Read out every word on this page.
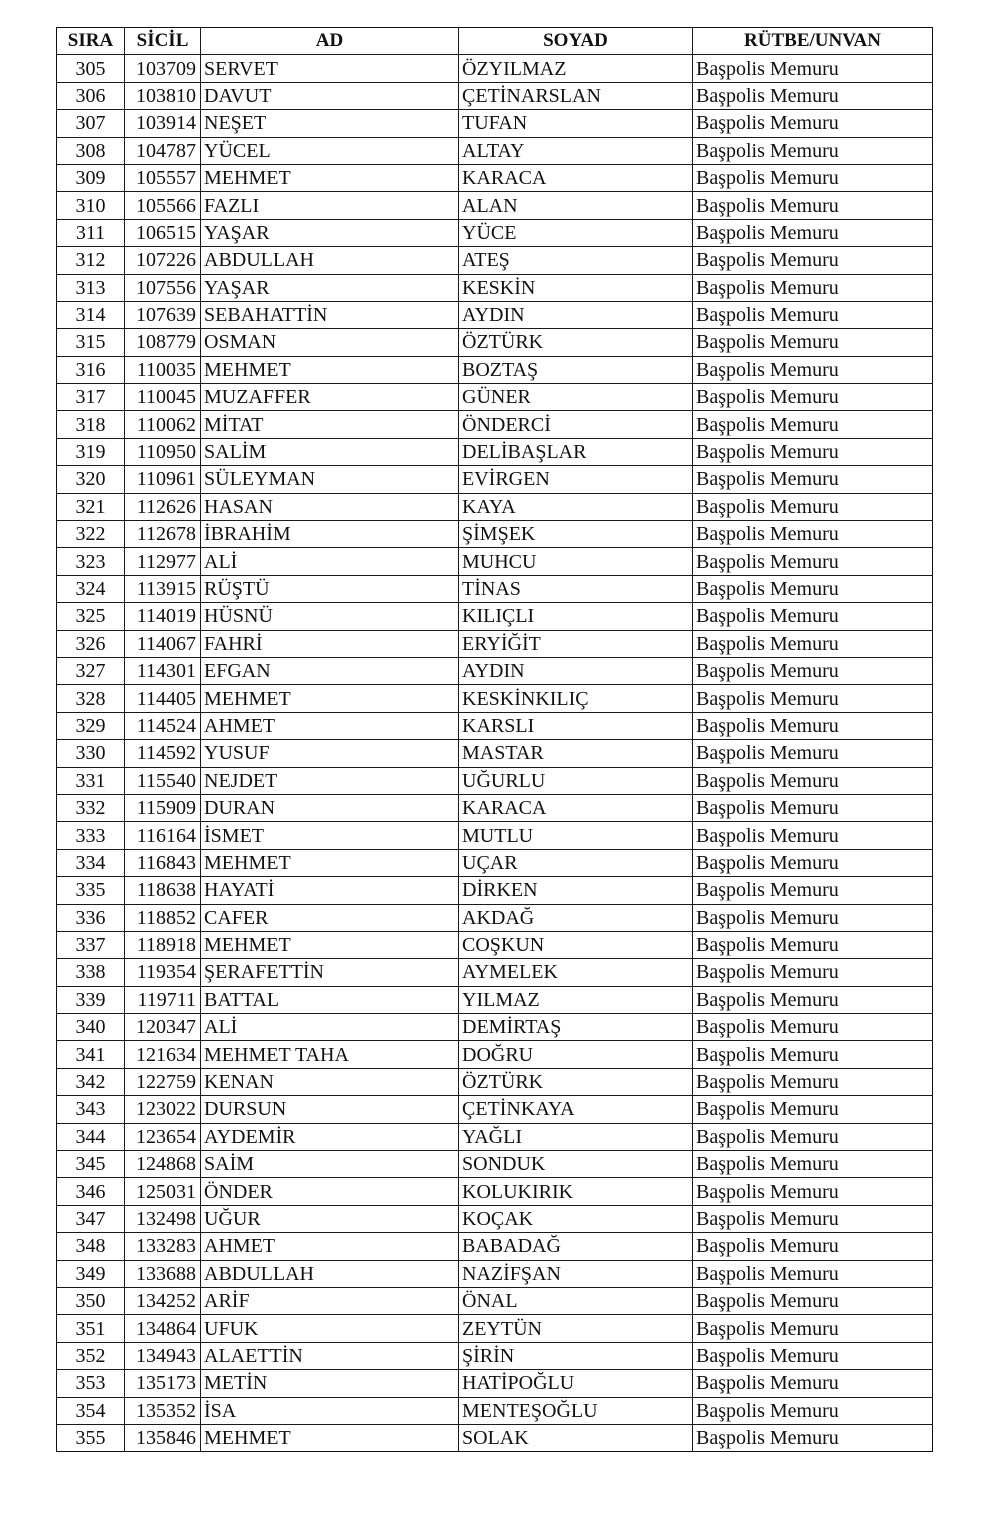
SIRA	SİCİL	AD	SOYAD	RÜTBE/UNVAN
305	103709	SERVET	ÖZYILMAZ	Başpolis Memuru
306	103810	DAVUT	ÇETİNARSLAN	Başpolis Memuru
307	103914	NEŞET	TUFAN	Başpolis Memuru
308	104787	YÜCEL	ALTAY	Başpolis Memuru
309	105557	MEHMET	KARACA	Başpolis Memuru
310	105566	FAZLI	ALAN	Başpolis Memuru
311	106515	YAŞAR	YÜCE	Başpolis Memuru
312	107226	ABDULLAH	ATEŞ	Başpolis Memuru
313	107556	YAŞAR	KESKİN	Başpolis Memuru
314	107639	SEBAHATTİN	AYDIN	Başpolis Memuru
315	108779	OSMAN	ÖZTÜRK	Başpolis Memuru
316	110035	MEHMET	BOZTAŞ	Başpolis Memuru
317	110045	MUZAFFER	GÜNER	Başpolis Memuru
318	110062	MİTAT	ÖNDERCİ	Başpolis Memuru
319	110950	SALİM	DELİBAŞLAR	Başpolis Memuru
320	110961	SÜLEYMAN	EVİRGEN	Başpolis Memuru
321	112626	HASAN	KAYA	Başpolis Memuru
322	112678	İBRAHİM	ŞİMŞEK	Başpolis Memuru
323	112977	ALİ	MUHCU	Başpolis Memuru
324	113915	RÜŞTÜ	TİNAS	Başpolis Memuru
325	114019	HÜSNÜ	KILIÇLI	Başpolis Memuru
326	114067	FAHRİ	ERYİĞİT	Başpolis Memuru
327	114301	EFGAN	AYDIN	Başpolis Memuru
328	114405	MEHMET	KESKİNKILIÇ	Başpolis Memuru
329	114524	AHMET	KARSLI	Başpolis Memuru
330	114592	YUSUF	MASTAR	Başpolis Memuru
331	115540	NEJDET	UĞURLU	Başpolis Memuru
332	115909	DURAN	KARACA	Başpolis Memuru
333	116164	İSMET	MUTLU	Başpolis Memuru
334	116843	MEHMET	UÇAR	Başpolis Memuru
335	118638	HAYATİ	DİRKEN	Başpolis Memuru
336	118852	CAFER	AKDAĞ	Başpolis Memuru
337	118918	MEHMET	COŞKUN	Başpolis Memuru
338	119354	ŞERAFETTİN	AYMELEK	Başpolis Memuru
339	119711	BATTAL	YILMAZ	Başpolis Memuru
340	120347	ALİ	DEMİRTAŞ	Başpolis Memuru
341	121634	MEHMET TAHA	DOĞRU	Başpolis Memuru
342	122759	KENAN	ÖZTÜRK	Başpolis Memuru
343	123022	DURSUN	ÇETİNKAYA	Başpolis Memuru
344	123654	AYDEMİR	YAĞLI	Başpolis Memuru
345	124868	SAİM	SONDUK	Başpolis Memuru
346	125031	ÖNDER	KOLUKIRIK	Başpolis Memuru
347	132498	UĞUR	KOÇAK	Başpolis Memuru
348	133283	AHMET	BABADAĞ	Başpolis Memuru
349	133688	ABDULLAH	NAZİFŞAN	Başpolis Memuru
350	134252	ARİF	ÖNAL	Başpolis Memuru
351	134864	UFUK	ZEYTÜN	Başpolis Memuru
352	134943	ALAETTİN	ŞİRİN	Başpolis Memuru
353	135173	METİN	HATİPOĞLU	Başpolis Memuru
354	135352	İSA	MENTEŞOĞLU	Başpolis Memuru
355	135846	MEHMET	SOLAK	Başpolis Memuru
